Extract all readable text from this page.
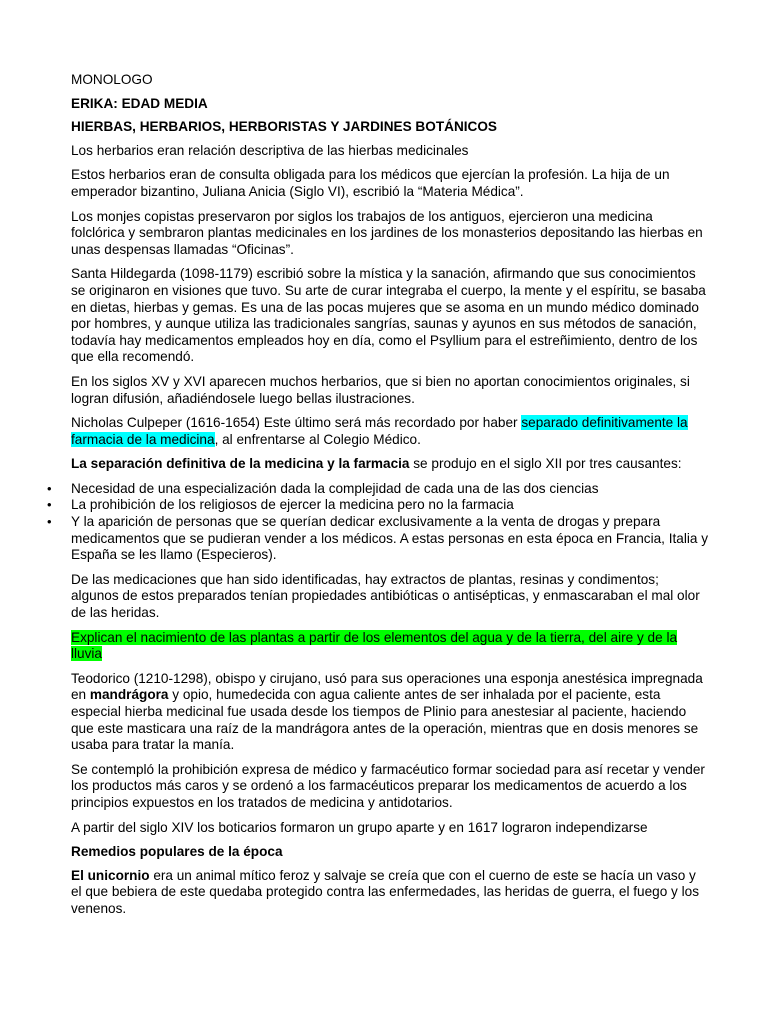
MONOLOGO

ERIKA: EDAD MEDIA

HIERBAS, HERBARIOS, HERBORISTAS Y JARDINES BOTÁNICOS

Los herbarios eran relación descriptiva de las hierbas medicinales

Estos herbarios eran de consulta obligada para los médicos que ejercían la profesión. La hija de un emperador bizantino, Juliana Anicia (Siglo VI), escribió la “Materia Médica”.

Los monjes copistas preservaron por siglos los trabajos de los antiguos, ejercieron una medicina folclórica y sembraron plantas medicinales en los jardines de los monasterios depositando las hierbas en unas despensas llamadas “Oficinas”.

Santa Hildegarda (1098-1179) escribió sobre la mística y la sanación, afirmando que sus conocimientos se originaron en visiones que tuvo. Su arte de curar integraba el cuerpo, la mente y el espíritu, se basaba en dietas, hierbas y gemas. Es una de las pocas mujeres que se asoma en un mundo médico dominado por hombres, y aunque utiliza las tradicionales sangrías, saunas y ayunos en sus métodos de sanación, todavía hay medicamentos empleados hoy en día, como el Psyllium para el estreñimiento, dentro de los que ella recomendó.

En los siglos XV y XVI aparecen muchos herbarios, que si bien no aportan conocimientos originales, si logran difusión, añadiéndosele luego bellas ilustraciones.

Nicholas Culpeper (1616-1654) Este último será más recordado por haber separado definitivamente la farmacia de la medicina, al enfrentarse al Colegio Médico.

La separación definitiva de la medicina y la farmacia se produjo en el siglo XII por tres causantes:

• Necesidad de una especialización dada la complejidad de cada una de las dos ciencias
• La prohibición de los religiosos de ejercer la medicina pero no la farmacia
• Y la aparición de personas que se querían dedicar exclusivamente a la venta de drogas y prepara medicamentos que se pudieran vender a los médicos. A estas personas en esta época en Francia, Italia y España se les llamo (Especieros).

De las medicaciones que han sido identificadas, hay extractos de plantas, resinas y condimentos; algunos de estos preparados tenían propiedades antibióticas o antisépticas, y enmascaraban el mal olor de las heridas.

Explican el nacimiento de las plantas a partir de los elementos del agua y de la tierra, del aire y de la lluvia

Teodorico (1210-1298), obispo y cirujano, usó para sus operaciones una esponja anestésica impregnada en mandrágora y opio, humedecida con agua caliente antes de ser inhalada por el paciente, esta especial hierba medicinal fue usada desde los tiempos de Plinio para anestesiar al paciente, haciendo que este masticara una raíz de la mandrágora antes de la operación, mientras que en dosis menores se usaba para tratar la manía.

Se contempló la prohibición expresa de médico y farmacéutico formar sociedad para así recetar y vender los productos más caros y se ordenó a los farmacéuticos preparar los medicamentos de acuerdo a los principios expuestos en los tratados de medicina y antidotarios.

A partir del siglo XIV los boticarios formaron un grupo aparte y en 1617 lograron independizarse

Remedios populares de la época

El unicornio era un animal mítico feroz y salvaje se creía que con el cuerno de este se hacía un vaso y el que bebiera de este quedaba protegido contra las enfermedades, las heridas de guerra, el fuego y los venenos.
